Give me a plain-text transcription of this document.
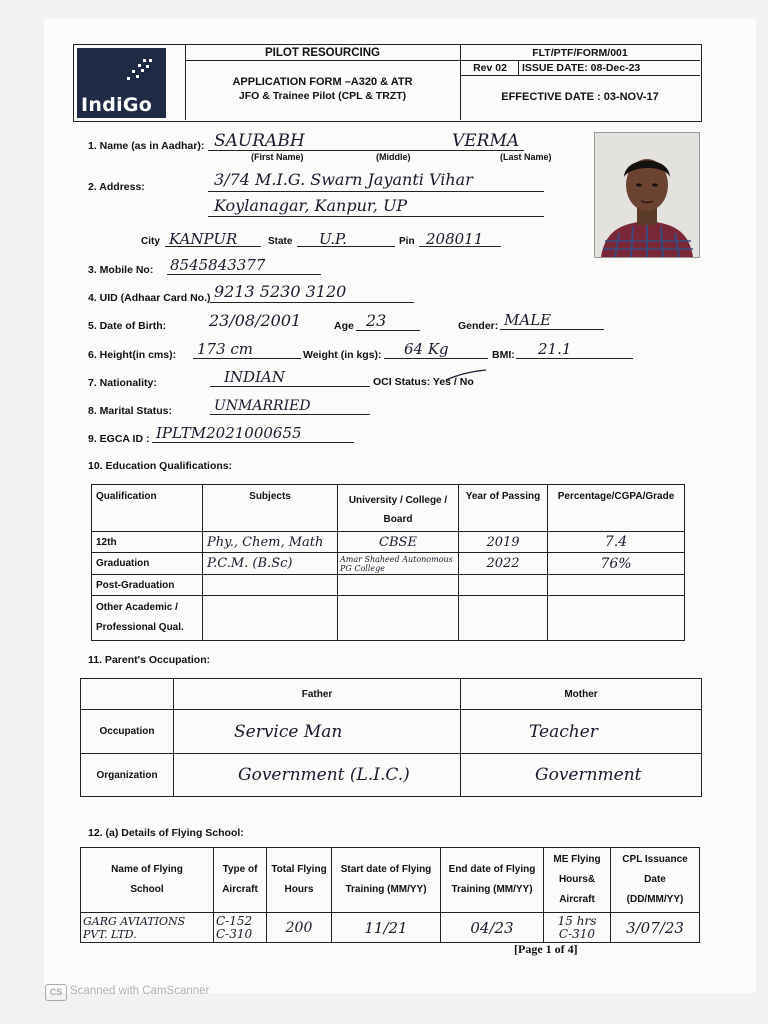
IndiGo
PILOT RESOURCING
APPLICATION FORM –A320 & ATR
JFO & Trainee Pilot (CPL & TRZT)
FLT/PTF/FORM/001
Rev 02	ISSUE DATE: 08-Dec-23
EFFECTIVE DATE : 03-NOV-17
1. Name (as in Aadhar): SAURABH	VERMA
(First Name)	(Middle)	(Last Name)
2. Address:	3/74 M.I.G. Swarn Jayanti Vihar
Koylanagar, Kanpur, UP
City KANPUR	State U.P.	Pin 208011
3. Mobile No: 8545843377
4. UID (Adhaar Card No.) 9213 5230 3120
5. Date of Birth:	23/08/2001	Age 23	Gender: MALE
6. Height(in cms): 173 cm	Weight (in kgs): 64 Kg	BMI: 21.1
7. Nationality:	INDIAN	OCI Status: Yes / No
8. Marital Status:	UNMARRIED
9. EGCA ID : IPLTM2021000655
10. Education Qualifications:
Qualification	Subjects	University / College / Board	Year of Passing	Percentage/CGPA/Grade
12th	Phy., Chem, Math	CBSE	2019	7.4
Graduation	P.C.M. (B.Sc)	Amar Shaheed Autonomous PG College	2022	76%
Post-Graduation				
Other Academic / Professional Qual.				
11. Parent's Occupation:
	Father	Mother
Occupation	Service Man	Teacher
Organization	Government (L.I.C.)	Government
12. (a) Details of Flying School:
Name of Flying School	Type of Aircraft	Total Flying Hours	Start date of Flying Training (MM/YY)	End date of Flying Training (MM/YY)	ME Flying Hours& Aircraft	CPL Issuance Date (DD/MM/YY)
GARG AVIATIONS PVT. LTD.	C-152 C-310	200	11/21	04/23	15 hrs C-310	3/07/23
[Page 1 of 4]
CS Scanned with CamScanner
